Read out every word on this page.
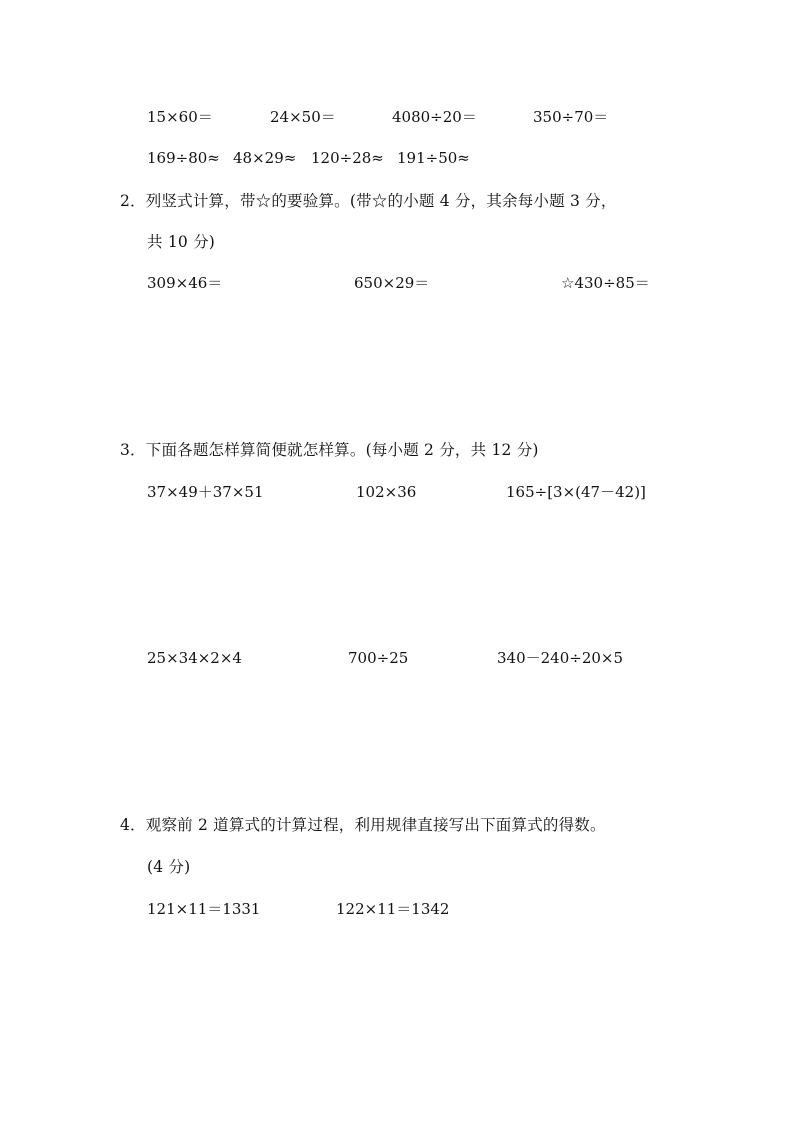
15×60＝	24×50＝	4080÷20＝	350÷70＝
169÷80≈ 48×29≈ 120÷28≈ 191÷50≈
2．列竖式计算，带☆的要验算。(带☆的小题 4 分，其余每小题 3 分，
共 10 分)
309×46＝	650×29＝	☆430÷85＝
3．下面各题怎样算简便就怎样算。(每小题 2 分，共 12 分)
37×49＋37×51	102×36	165÷[3×(47－42)]
25×34×2×4	700÷25	340－240÷20×5
4．观察前 2 道算式的计算过程，利用规律直接写出下面算式的得数。
(4 分)
121×11＝1331	122×11＝1342
